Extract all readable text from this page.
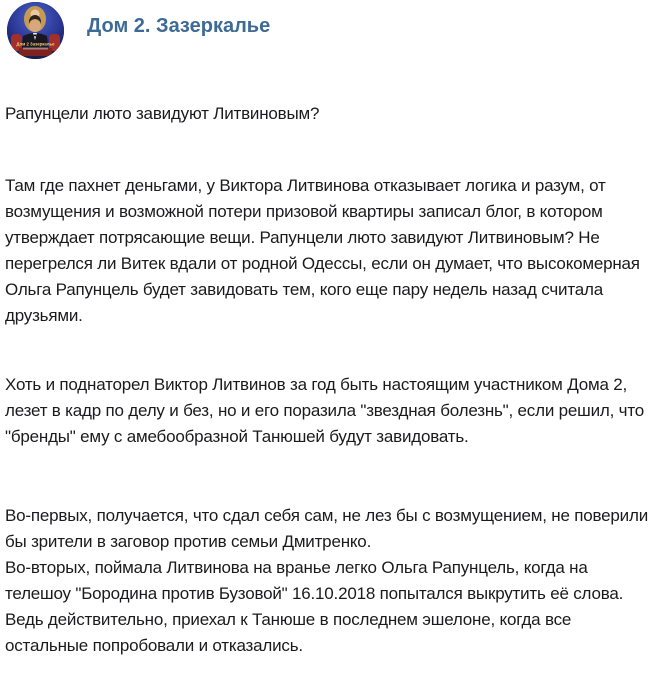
Дом 2 Зазеркалье
Дом 2. Зазеркалье

Рапунцели люто завидуют Литвиновым?

Там где пахнет деньгами, у Виктора Литвинова отказывает логика и разум, от
возмущения и возможной потери призовой квартиры записал блог, в котором
утверждает потрясающие вещи. Рапунцели люто завидуют Литвиновым? Не
перегрелся ли Витек вдали от родной Одессы, если он думает, что высокомерная
Ольга Рапунцель будет завидовать тем, кого еще пару недель назад считала
друзьями.

Хоть и поднаторел Виктор Литвинов за год быть настоящим участником Дома 2,
лезет в кадр по делу и без, но и его поразила "звездная болезнь", если решил, что
"бренды" ему с амебообразной Танюшей будут завидовать.

Во-первых, получается, что сдал себя сам, не лез бы с возмущением, не поверили
бы зрители в заговор против семьи Дмитренко.
Во-вторых, поймала Литвинова на вранье легко Ольга Рапунцель, когда на
телешоу "Бородина против Бузовой" 16.10.2018 попытался выкрутить её слова.
Ведь действительно, приехал к Танюше в последнем эшелоне, когда все
остальные попробовали и отказались.
